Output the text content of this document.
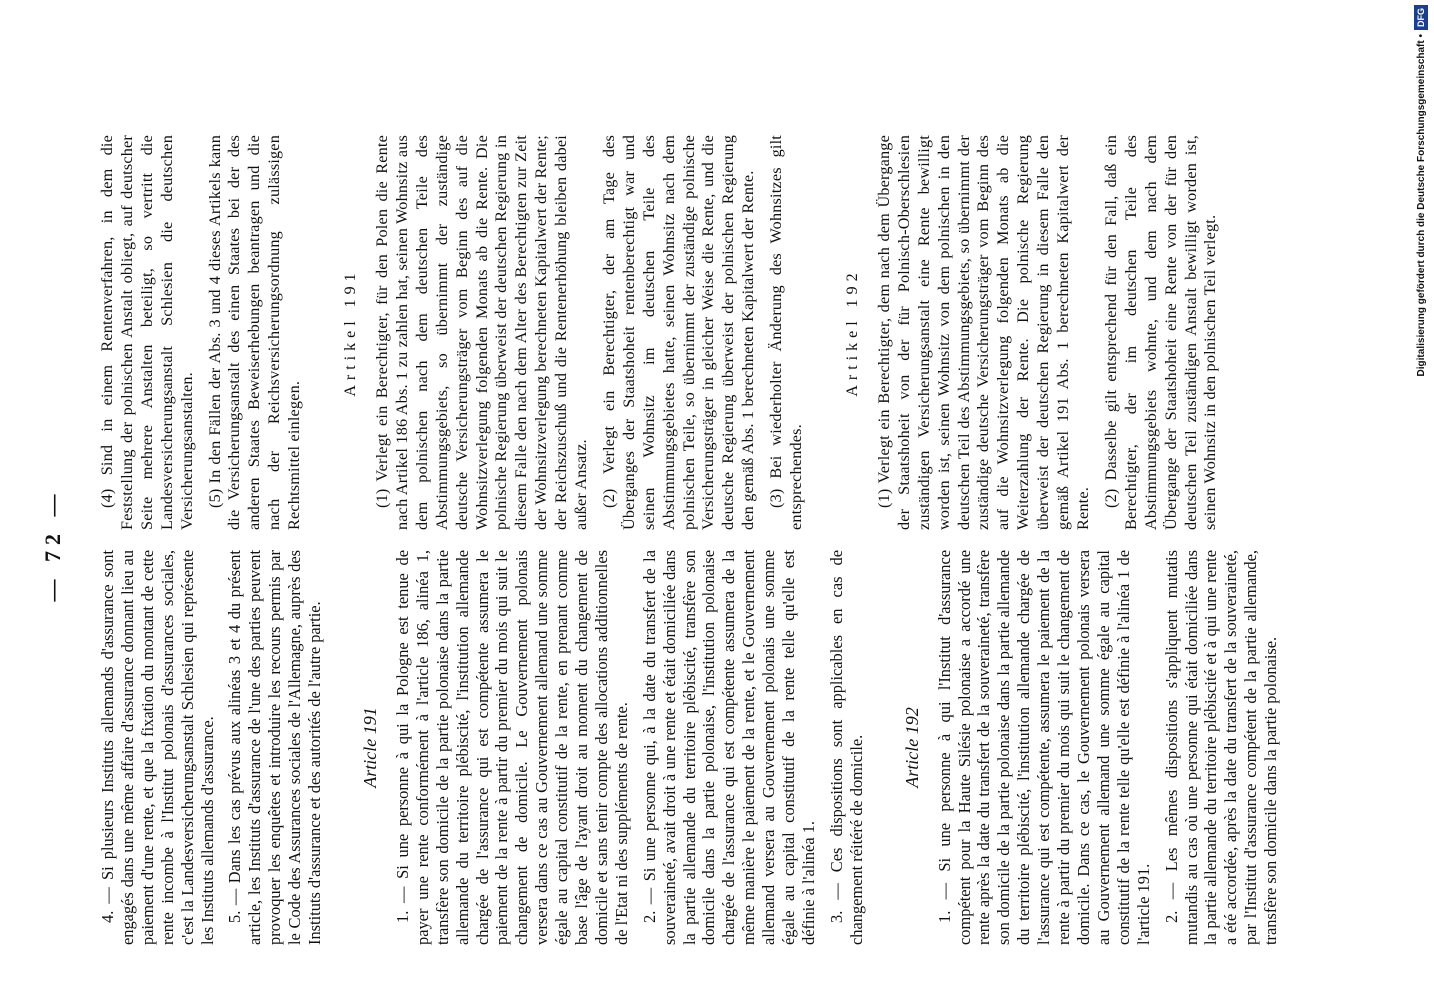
— 72 —

4. — Si plusieurs Instituts allemands d'assurance sont engagés dans une même affaire d'assurance donnant lieu au paiement d'une rente, et que la fixation du montant de cette rente incombe à l'Institut polonais d'assurances sociales, c'est la Landesversicherungsanstalt Schlesien qui représente les Instituts allemands d'assurance. 5. — Dans les cas prévus aux alinéas 3 et 4 du présent article, les Instituts d'assurance de l'une des parties peuvent provoquer les enquêtes et introduire les recours permis par le Code des Assurances sociales de l'Allemagne, auprès des Instituts d'assurance et des autorités de l'autre partie. Article 191 1. — Si une personne à qui la Pologne est tenue de payer une rente conformément à l'article 186, alinéa 1, transfère son domicile de la partie polonaise dans la partie allemande du territoire plébiscité, l'institution allemande chargée de l'assurance qui est compétente assumera le paiement de la rente à partir du premier du mois qui suit le changement de domicile. Le Gouvernement polonais versera dans ce cas au Gouvernement allemand une somme égale au capital constitutif de la rente, en prenant comme base l'âge de l'ayant droit au moment du changement de domicile et sans tenir compte des allocations additionnelles de l'Etat ni des suppléments de rente. 2. — Si une personne qui, à la date du transfert de la souveraineté, avait droit à une rente et était domiciliée dans la partie allemande du territoire plébiscité, transfère son domicile dans la partie polonaise, l'institution polonaise chargée de l'assurance qui est compétente assumera de la même manière le paiement de la rente, et le Gouvernement allemand versera au Gouvernement polonais une somme égale au capital constitutif de la rente telle qu'elle est définie à l'alinéa 1. 3. — Ces dispositions sont applicables en cas de changement réitéré de domicile. Article 192 1. — Si une personne à qui l'Institut d'assurance compétent pour la Haute Silésie polonaise a accordé une rente après la date du transfert de la souveraineté, transfère son domicile de la partie polonaise dans la partie allemande du territoire plébiscité, l'institution allemande chargée de l'assurance qui est compétente, assumera le paiement de la rente à partir du premier du mois qui suit le changement de domicile. Dans ce cas, le Gouvernement polonais versera au Gouvernement allemand une somme égale au capital constitutif de la rente telle qu'elle est définie à l'alinéa 1 de l'article 191. 2. — Les mêmes dispositions s'appliquent mutatis mutandis au cas où une personne qui était domiciliée dans la partie allemande du territoire plébiscité et à qui une rente a été accordée, après la date du transfert de la souveraineté, par l'Institut d'assurance compétent de la partie allemande, transfère son domicile dans la partie polonaise.

(4) Sind in einem Rentenverfahren, in dem die Feststellung der polnischen Anstalt obliegt, auf deutscher Seite mehrere Anstalten beteiligt, so vertritt die Landesversicherungsanstalt Schlesien die deutschen Versicherungsanstalten. (5) In den Fällen der Abs. 3 und 4 dieses Artikels kann die Versicherungsanstalt des einen Staates bei der des anderen Staates Beweiserhebungen beantragen und die nach der Reichsversicherungsordnung zulässigen Rechtsmittel einlegen.

Artikel 191 (1) Verlegt ein Berechtigter, für den Polen die Rente nach Artikel 186 Abs. 1 zu zahlen hat, seinen Wohnsitz aus dem polnischen nach dem deutschen Teile des Abstimmungsgebiets, so übernimmt der zuständige deutsche Versicherungsträger vom Beginn des auf die Wohnsitzverlegung folgenden Monats ab die Rente. Die polnische Regierung überweist der deutschen Regierung in diesem Falle den nach dem Alter des Berechtigten zur Zeit der Wohnsitzverlegung berechneten Kapitalwert der Rente; der Reichszuschuß und die Rentenerhöhung bleiben dabei außer Ansatz. (2) Verlegt ein Berechtigter, der am Tage des Überganges der Staatshoheit rentenberechtigt war und seinen Wohnsitz im deutschen Teile des Abstimmungsgebietes hatte, seinen Wohnsitz nach dem polnischen Teile, so übernimmt der zuständige polnische Versicherungsträger in gleicher Weise die Rente, und die deutsche Regierung überweist der polnischen Regierung den gemäß Abs. 1 berechneten Kapitalwert der Rente. (3) Bei wiederholter Änderung des Wohnsitzes gilt entsprechendes.

Artikel 192 (1) Verlegt ein Berechtigter, dem nach dem Übergange der Staatshoheit von der für Polnisch-Oberschlesien zuständigen Versicherungsanstalt eine Rente bewilligt worden ist, seinen Wohnsitz von dem polnischen in den deutschen Teil des Abstimmungsgebiets, so übernimmt der zuständige deutsche Versicherungsträger vom Beginn des auf die Wohnsitzverlegung folgenden Monats ab die Weiterzahlung der Rente. Die polnische Regierung überweist der deutschen Regierung in diesem Falle den gemäß Artikel 191 Abs. 1 berechneten Kapitalwert der Rente.

(2) Dasselbe gilt entsprechend für den Fall, daß ein Berechtigter, der im deutschen Teile des Abstimmungsgebiets wohnte, und dem nach dem Übergange der Staatshoheit eine Rente von der für den deutschen Teil zuständigen Anstalt bewilligt worden ist, seinen Wohnsitz in den polnischen Teil verlegt.	Digitalisierung gefördert durch die Deutsche Forschungsgemeinschaft •DFG
